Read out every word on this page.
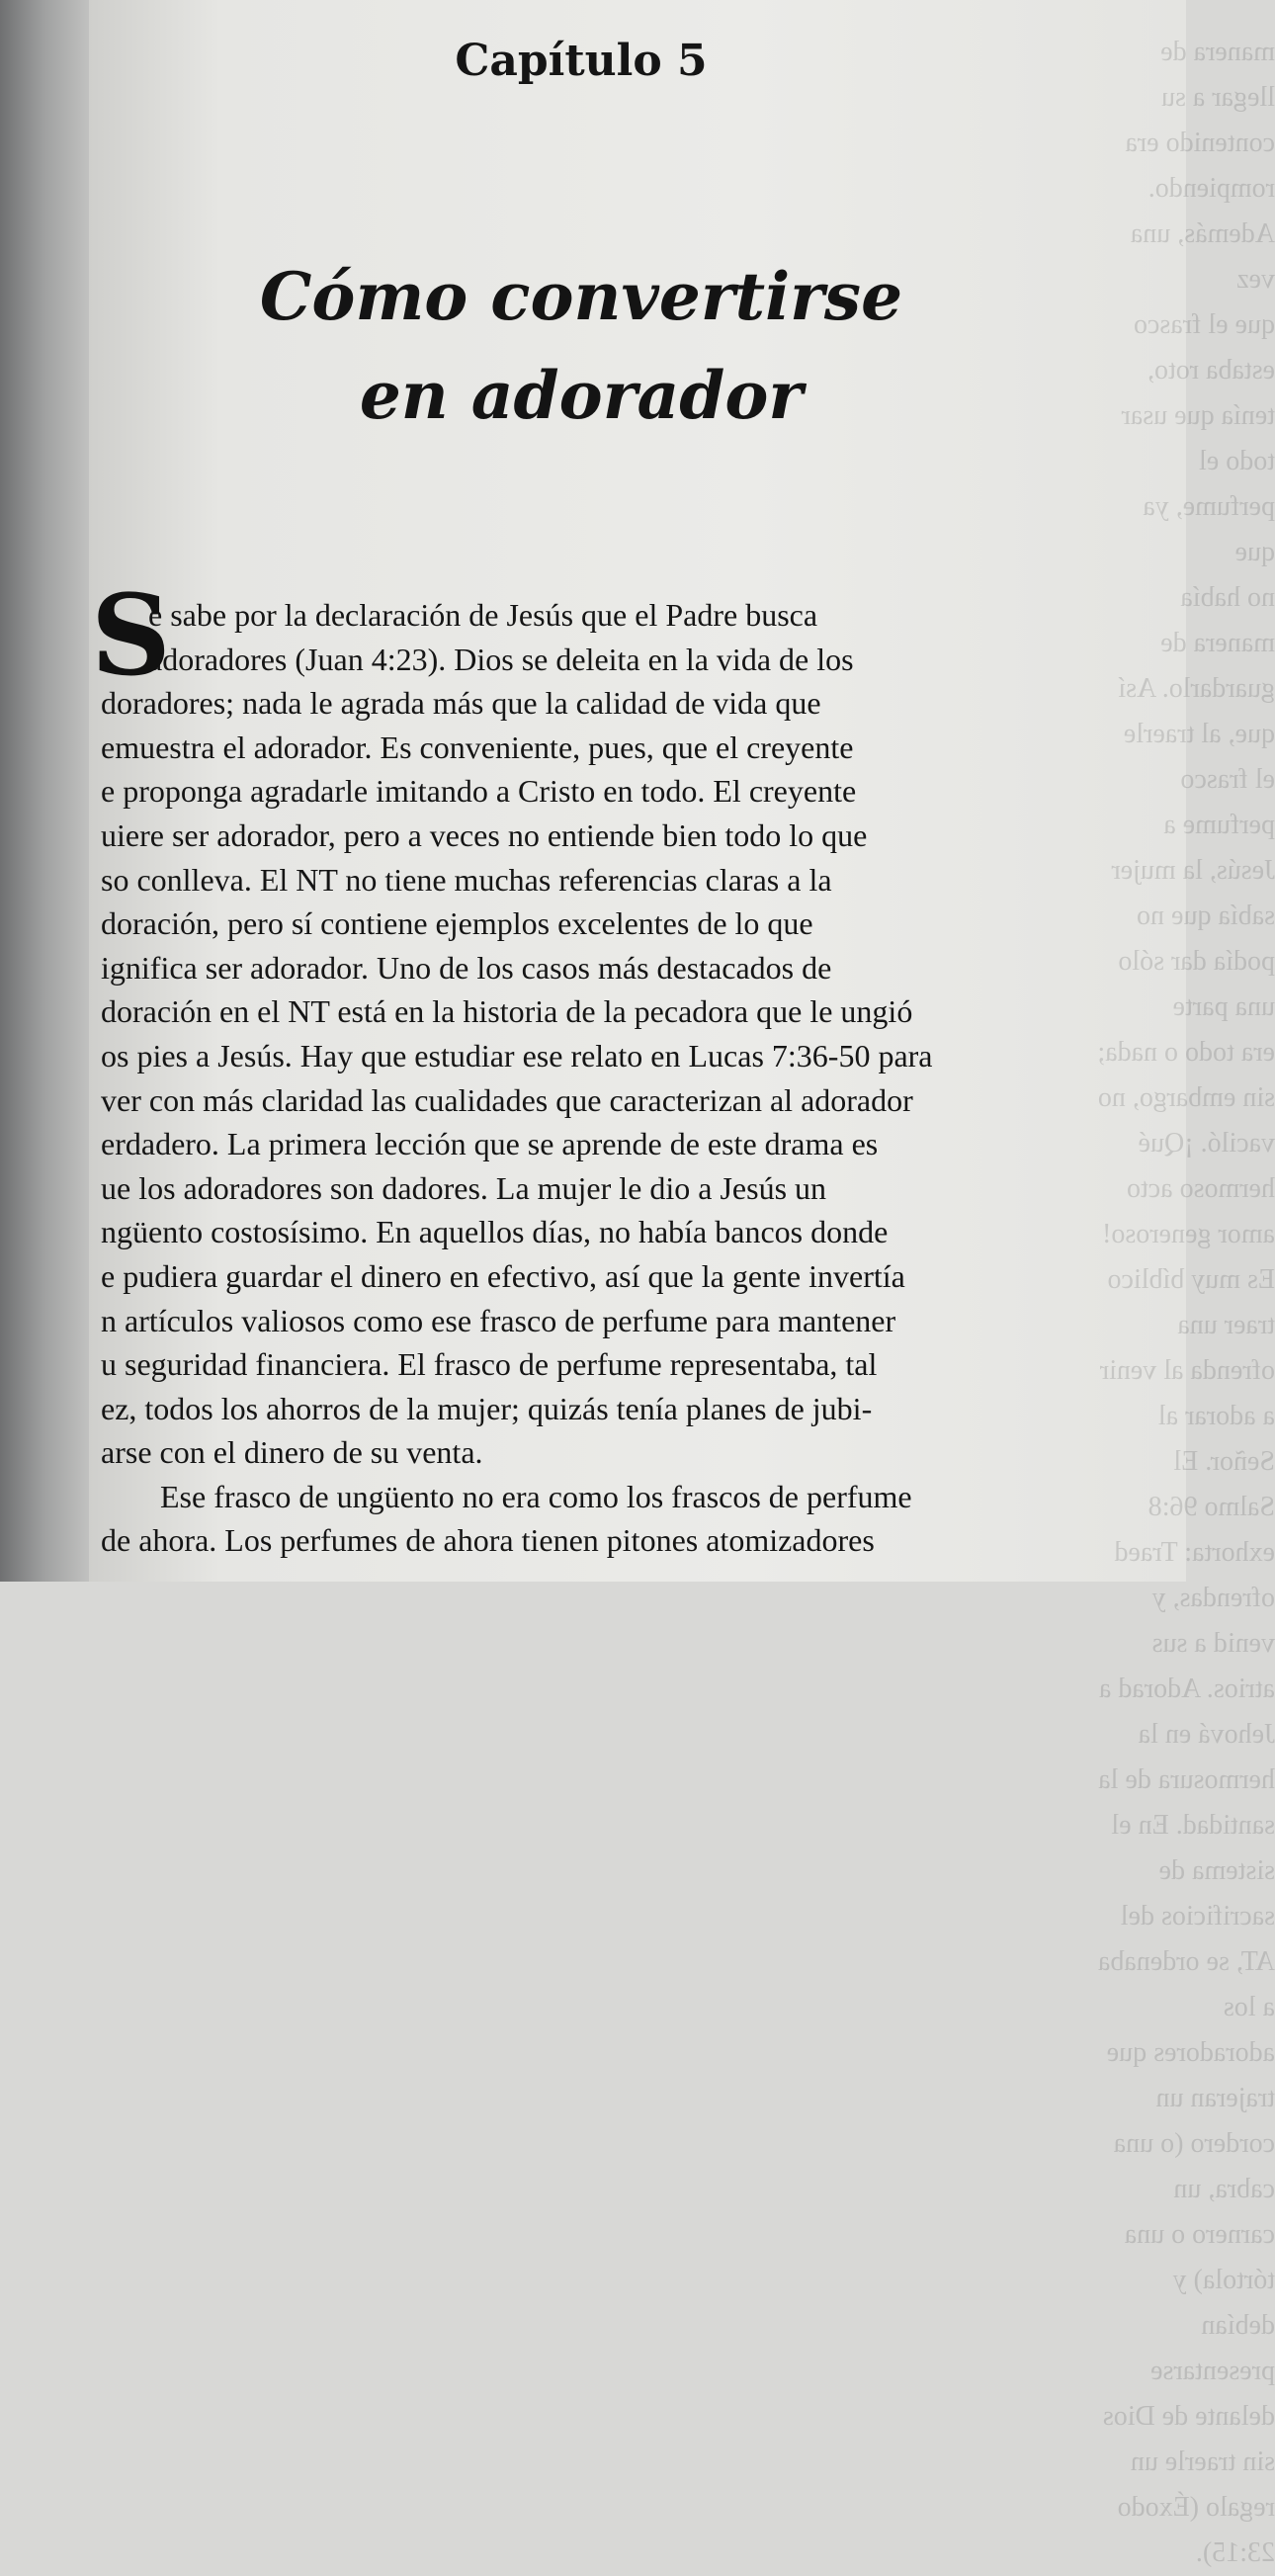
manera de llegar a su contenido era rompiendo. Además, una vez
que el frasco estaba roto, tenía que usar todo el perfume, ya que
no había manera de guardarlo. Así que, al traerle el frasco
perfume a Jesús, la mujer sabía que no podía dar sólo una parte
era todo o nada; sin embargo, no vaciló. ¡Qué hermoso acto
amor generoso!
Es muy bíblico traer una ofrenda al venir a adorar al
Señor. El Salmo 96:8 exhorta: Traed ofrendas, y venid a sus
atrios. Adorad a Jehová en la hermosura de la santidad. En el
sistema de sacrificios del AT, se ordenaba a los adoradores que
trajeran un cordero (o una cabra, un carnero o una tórtola) y
debían presentarse delante de Dios sin traerle un regalo (Éxodo
23:15).
Capítulo 5
Cómo convertirse
en adorador
S
e sabe por la declaración de Jesús que el Padre busca
adoradores (Juan 4:23). Dios se deleita en la vida de los
doradores; nada le agrada más que la calidad de vida que
emuestra el adorador. Es conveniente, pues, que el creyente
e proponga agradarle imitando a Cristo en todo. El creyente
uiere ser adorador, pero a veces no entiende bien todo lo que
so conlleva. El NT no tiene muchas referencias claras a la
doración, pero sí contiene ejemplos excelentes de lo que
ignifica ser adorador. Uno de los casos más destacados de
doración en el NT está en la historia de la pecadora que le ungió
os pies a Jesús. Hay que estudiar ese relato en Lucas 7:36-50 para
ver con más claridad las cualidades que caracterizan al adorador
erdadero. La primera lección que se aprende de este drama es
ue los adoradores son dadores. La mujer le dio a Jesús un
ngüento costosísimo. En aquellos días, no había bancos donde
e pudiera guardar el dinero en efectivo, así que la gente invertía
n artículos valiosos como ese frasco de perfume para mantener
u seguridad financiera. El frasco de perfume representaba, tal
ez, todos los ahorros de la mujer; quizás tenía planes de jubi-
arse con el dinero de su venta.
Ese frasco de ungüento no era como los frascos de perfume
de ahora. Los perfumes de ahora tienen pitones atomizadores
